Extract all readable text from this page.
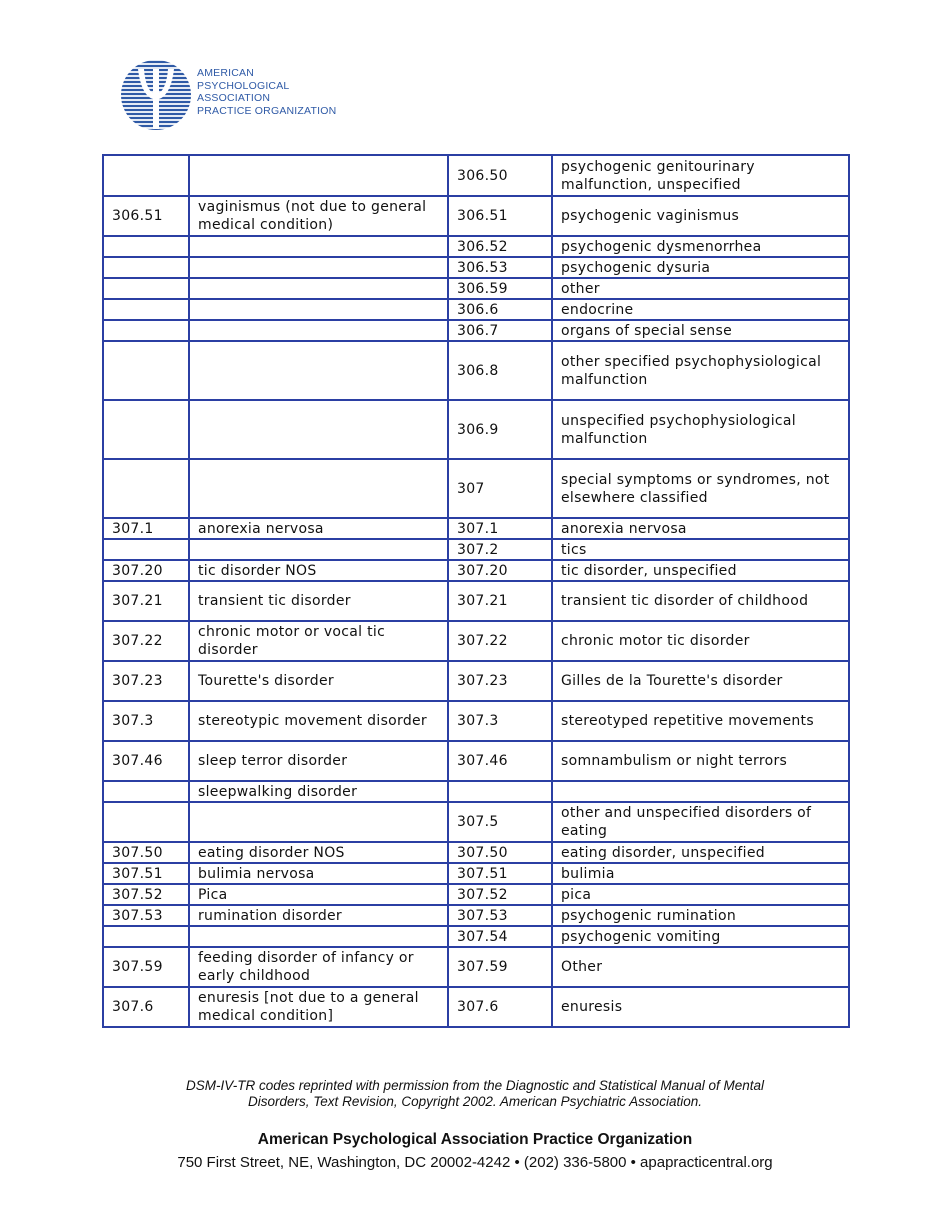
AMERICAN
PSYCHOLOGICAL
ASSOCIATION
PRACTICE ORGANIZATION
		306.50	psychogenic genitourinary malfunction, unspecified
306.51	vaginismus (not due to general medical condition)	306.51	psychogenic vaginismus
		306.52	psychogenic dysmenorrhea
		306.53	psychogenic dysuria
		306.59	other
		306.6	endocrine
		306.7	organs of special sense
		306.8	other specified psychophysiological malfunction
		306.9	unspecified psychophysiological malfunction
		307	special symptoms or syndromes, not elsewhere classified
307.1	anorexia nervosa	307.1	anorexia nervosa
		307.2	tics
307.20	tic disorder NOS	307.20	tic disorder, unspecified
307.21	transient tic disorder	307.21	transient tic disorder of childhood
307.22	chronic motor or vocal tic disorder	307.22	chronic motor tic disorder
307.23	Tourette's disorder	307.23	Gilles de la Tourette's disorder
307.3	stereotypic movement disorder	307.3	stereotyped repetitive movements
307.46	sleep terror disorder	307.46	somnambulism or night terrors
	sleepwalking disorder		
		307.5	other and unspecified disorders of eating
307.50	eating disorder NOS	307.50	eating disorder, unspecified
307.51	bulimia nervosa	307.51	bulimia
307.52	Pica	307.52	pica
307.53	rumination disorder	307.53	psychogenic rumination
		307.54	psychogenic vomiting
307.59	feeding disorder of infancy or early childhood	307.59	Other
307.6	enuresis [not due to a general medical condition]	307.6	enuresis
DSM-IV-TR codes reprinted with permission from the Diagnostic and Statistical Manual of Mental
Disorders, Text Revision, Copyright 2002. American Psychiatric Association.
American Psychological Association Practice Organization
750 First Street, NE, Washington, DC 20002-4242 • (202) 336-5800 • apapracticentral.org
